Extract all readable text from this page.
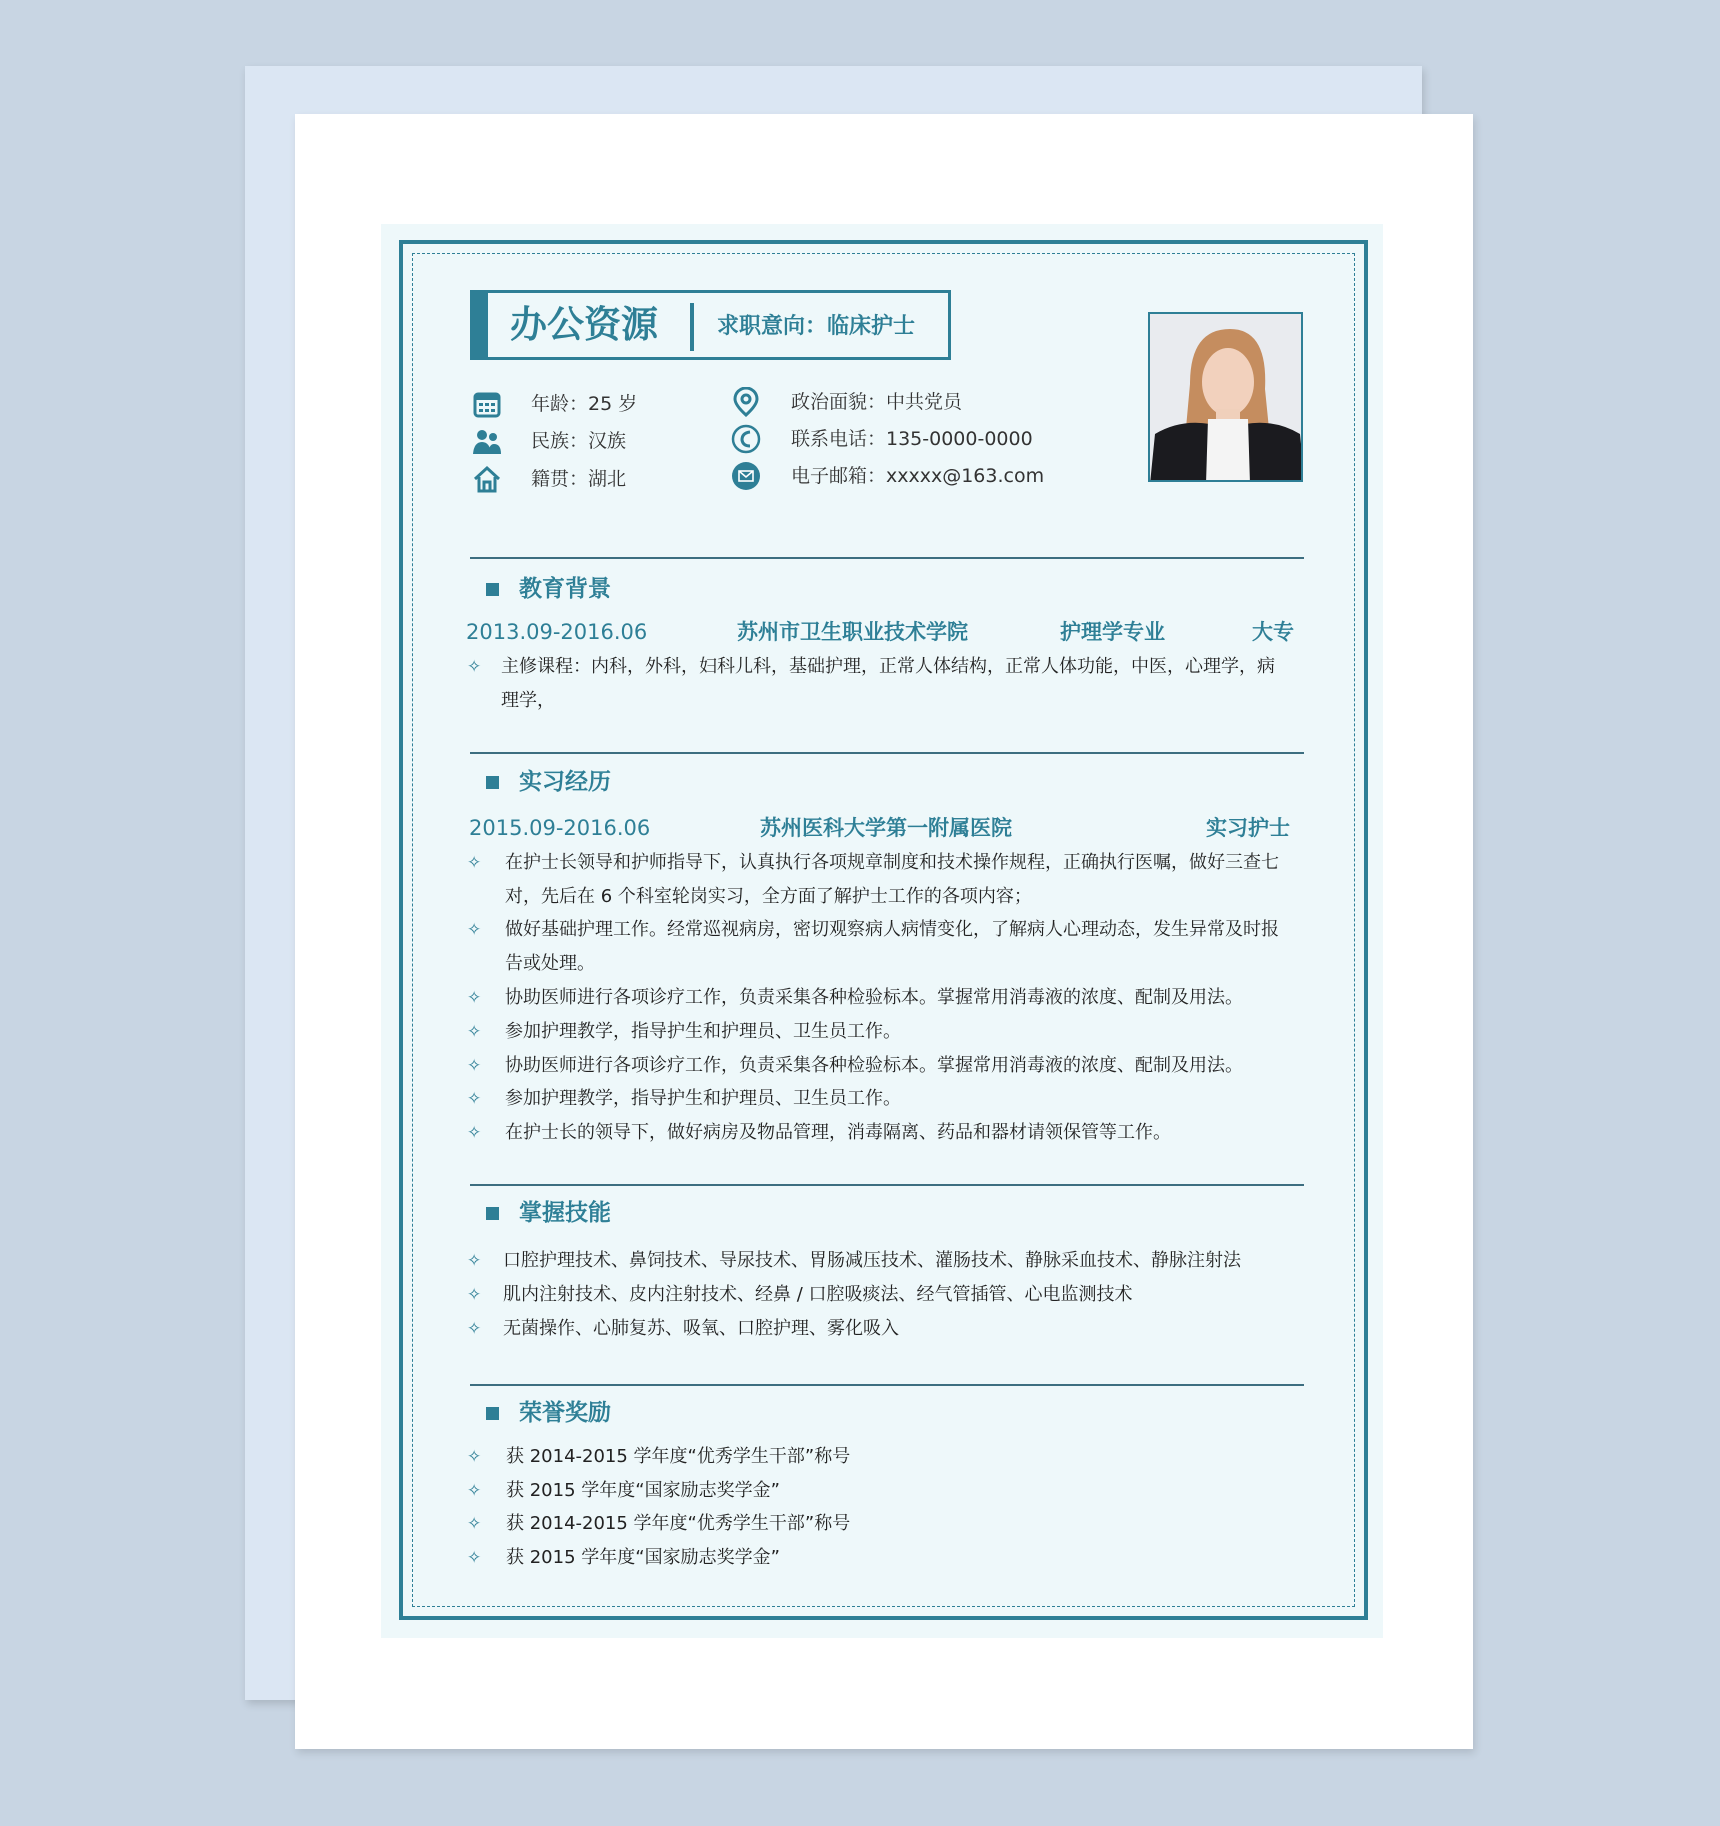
办公资源	求职意向：临床护士
年龄：25 岁
民族：汉族
籍贯：湖北
政治面貌：中共党员
联系电话：135-0000-0000
电子邮箱：xxxxx@163.com
教育背景
2013.09-2016.06	苏州市卫生职业技术学院	护理学专业	大专
✧ 主修课程：内科，外科，妇科儿科，基础护理，正常人体结构，正常人体功能，中医，心理学，病
理学，
实习经历
2015.09-2016.06	苏州医科大学第一附属医院	实习护士
✧ 在护士长领导和护师指导下，认真执行各项规章制度和技术操作规程，正确执行医嘱，做好三查七
对，先后在 6 个科室轮岗实习，全方面了解护士工作的各项内容；
✧ 做好基础护理工作。经常巡视病房，密切观察病人病情变化，了解病人心理动态，发生异常及时报
告或处理。
✧ 协助医师进行各项诊疗工作，负责采集各种检验标本。掌握常用消毒液的浓度、配制及用法。
✧ 参加护理教学，指导护生和护理员、卫生员工作。
✧ 协助医师进行各项诊疗工作，负责采集各种检验标本。掌握常用消毒液的浓度、配制及用法。
✧ 参加护理教学，指导护生和护理员、卫生员工作。
✧ 在护士长的领导下，做好病房及物品管理，消毒隔离、药品和器材请领保管等工作。
掌握技能
✧ 口腔护理技术、鼻饲技术、导尿技术、胃肠减压技术、灌肠技术、静脉采血技术、静脉注射法
✧ 肌内注射技术、皮内注射技术、经鼻 / 口腔吸痰法、经气管插管、心电监测技术
✧ 无菌操作、心肺复苏、吸氧、口腔护理、雾化吸入
荣誉奖励
✧ 获 2014-2015 学年度“优秀学生干部”称号
✧ 获 2015 学年度“国家励志奖学金”
✧ 获 2014-2015 学年度“优秀学生干部”称号
✧ 获 2015 学年度“国家励志奖学金”
